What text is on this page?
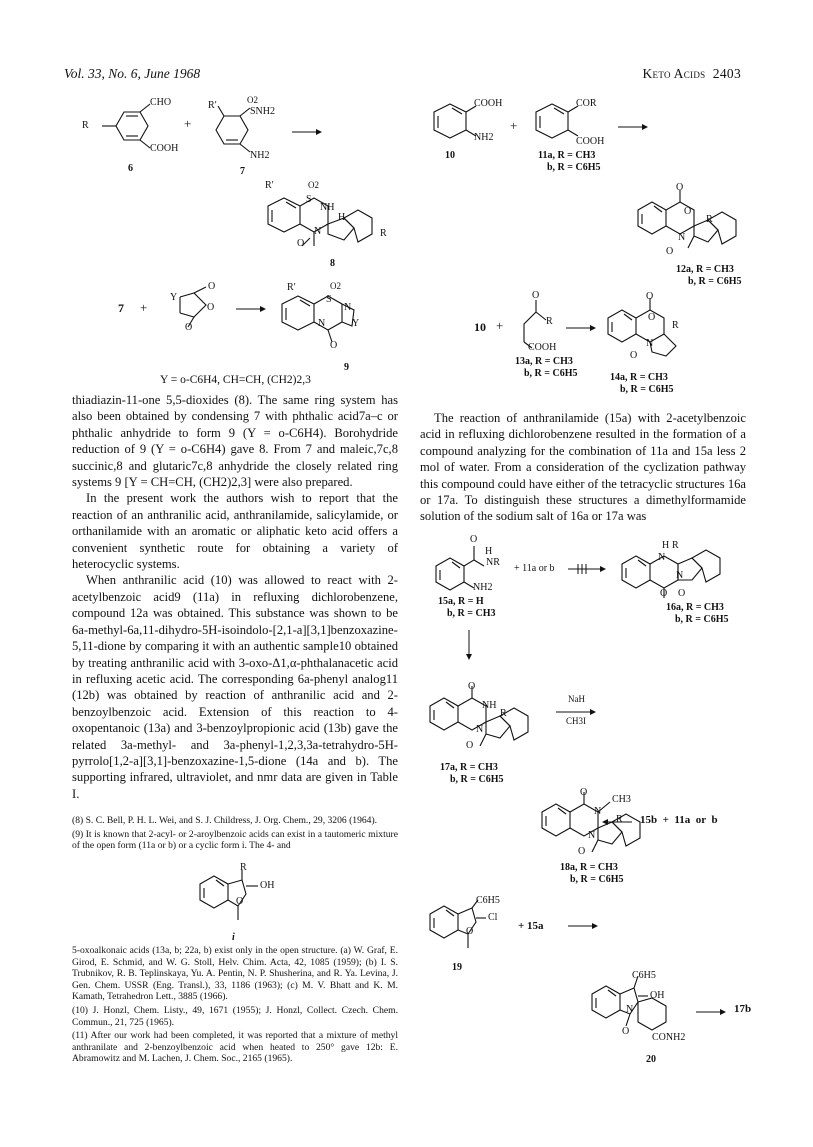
Vol. 33, No. 6, June 1968	Keto Acids 2403
CHO
COOH
R
6
+
R′	O2
SNH2
NH2
7
R′	O2
S
NH
H
N
O
R
8
7 +
Y
O
O
O
R′	O2
S
N
N	Y
O
9
Y = o-C6H4, CH=CH, (CH2)2,3

thiadiazin-11-one 5,5-dioxides (8). The same ring system has also been obtained by condensing 7 with phthalic acid7a–c or phthalic anhydride to form 9 (Y = o-C6H4). Borohydride reduction of 9 (Y = o-C6H4) gave 8. From 7 and maleic,7c,8 succinic,8 and glutaric7c,8 anhydride the closely related ring systems 9 [Y = CH=CH, (CH2)2,3] were also prepared.

In the present work the authors wish to report that the reaction of an anthranilic acid, anthranilamide, salicylamide, or orthanilamide with an aromatic or aliphatic keto acid offers a convenient synthetic route for obtaining a variety of heterocyclic systems.

When anthranilic acid (10) was allowed to react with 2-acetylbenzoic acid9 (11a) in refluxing dichlorobenzene, compound 12a was obtained. This substance was shown to be 6a-methyl-6a,11-dihydro-5H-isoindolo-[2,1-a][3,1]benzoxazine-5,11-dione by comparing it with an authentic sample10 obtained by treating anthranilic acid with 3-oxo-Δ1,α-phthalanacetic acid in refluxing acetic acid. The corresponding 6a-phenyl analog11 (12b) was obtained by reaction of anthranilic acid and 2-benzoylbenzoic acid. Extension of this reaction to 4-oxopentanoic (13a) and 3-benzoylpropionic acid (13b) gave the related 3a-methyl- and 3a-phenyl-1,2,3,3a-tetrahydro-5H-pyrrolo[1,2-a][3,1]-benzoxazine-1,5-dione (14a and b). The supporting infrared, ultraviolet, and nmr data are given in Table I.

(8) S. C. Bell, P. H. L. Wei, and S. J. Childress, J. Org. Chem., 29, 3206 (1964).

(9) It is known that 2-acyl- or 2-aroylbenzoic acids can exist in a tautomeric mixture of the open form (11a or b) or a cyclic form i. The 4- and

R
OH
O
i

5-oxoalkonaic acids (13a, b; 22a, b) exist only in the open structure. (a) W. Graf, E. Girod, E. Schmid, and W. G. Stoll, Helv. Chim. Acta, 42, 1085 (1959); (b) I. S. Trubnikov, R. B. Teplinskaya, Yu. A. Pentin, N. P. Shusherina, and R. Ya. Levina, J. Gen. Chem. USSR (Eng. Transl.), 33, 1186 (1963); (c) M. V. Bhatt and K. M. Kamath, Tetrahedron Lett., 3885 (1966).

(10) J. Honzl, Chem. Listy., 49, 1671 (1955); J. Honzl, Collect. Czech. Chem. Commun., 21, 725 (1965).

(11) After our work had been completed, it was reported that a mixture of methyl anthranilate and 2-benzoylbenzoic acid when heated to 250° gave 12b: E. Abramowitz and M. Lachen, J. Chem. Soc., 2165 (1965).

COOH
NH2
10
+
COR
COOH
11a, R = CH3
b, R = C6H5
O
O
R
N
O
12a, R = CH3
b, R = C6H5
10 +
O
R
COOH
13a, R = CH3
b, R = C6H5
O
O
R
N
O
14a, R = CH3
b, R = C6H5

The reaction of anthranilamide (15a) with 2-acetylbenzoic acid in refluxing dichlorobenzene resulted in the formation of a compound analyzing for the combination of 11a and 15a less 2 mol of water. From a consideration of the cyclization pathway this compound could have either of the tetracyclic structures 16a or 17a. To distinguish these structures a dimethylformamide solution of the sodium salt of 16a or 17a was

O
H
NR
NH2
15a, R = H
b, R = CH3
+ 11a or b
H R
N
N
O O
16a, R = CH3
b, R = C6H5
O
NH
R
N
O
17a, R = CH3
b, R = C6H5
NaH
CH3I
O
CH3
N
R
N
O
18a, R = CH3
b, R = C6H5
15b  +  11a  or  b
C6H5
Cl
O
19
+ 15a
C6H5
OH
N
O
CONH2
20
→ 17b
